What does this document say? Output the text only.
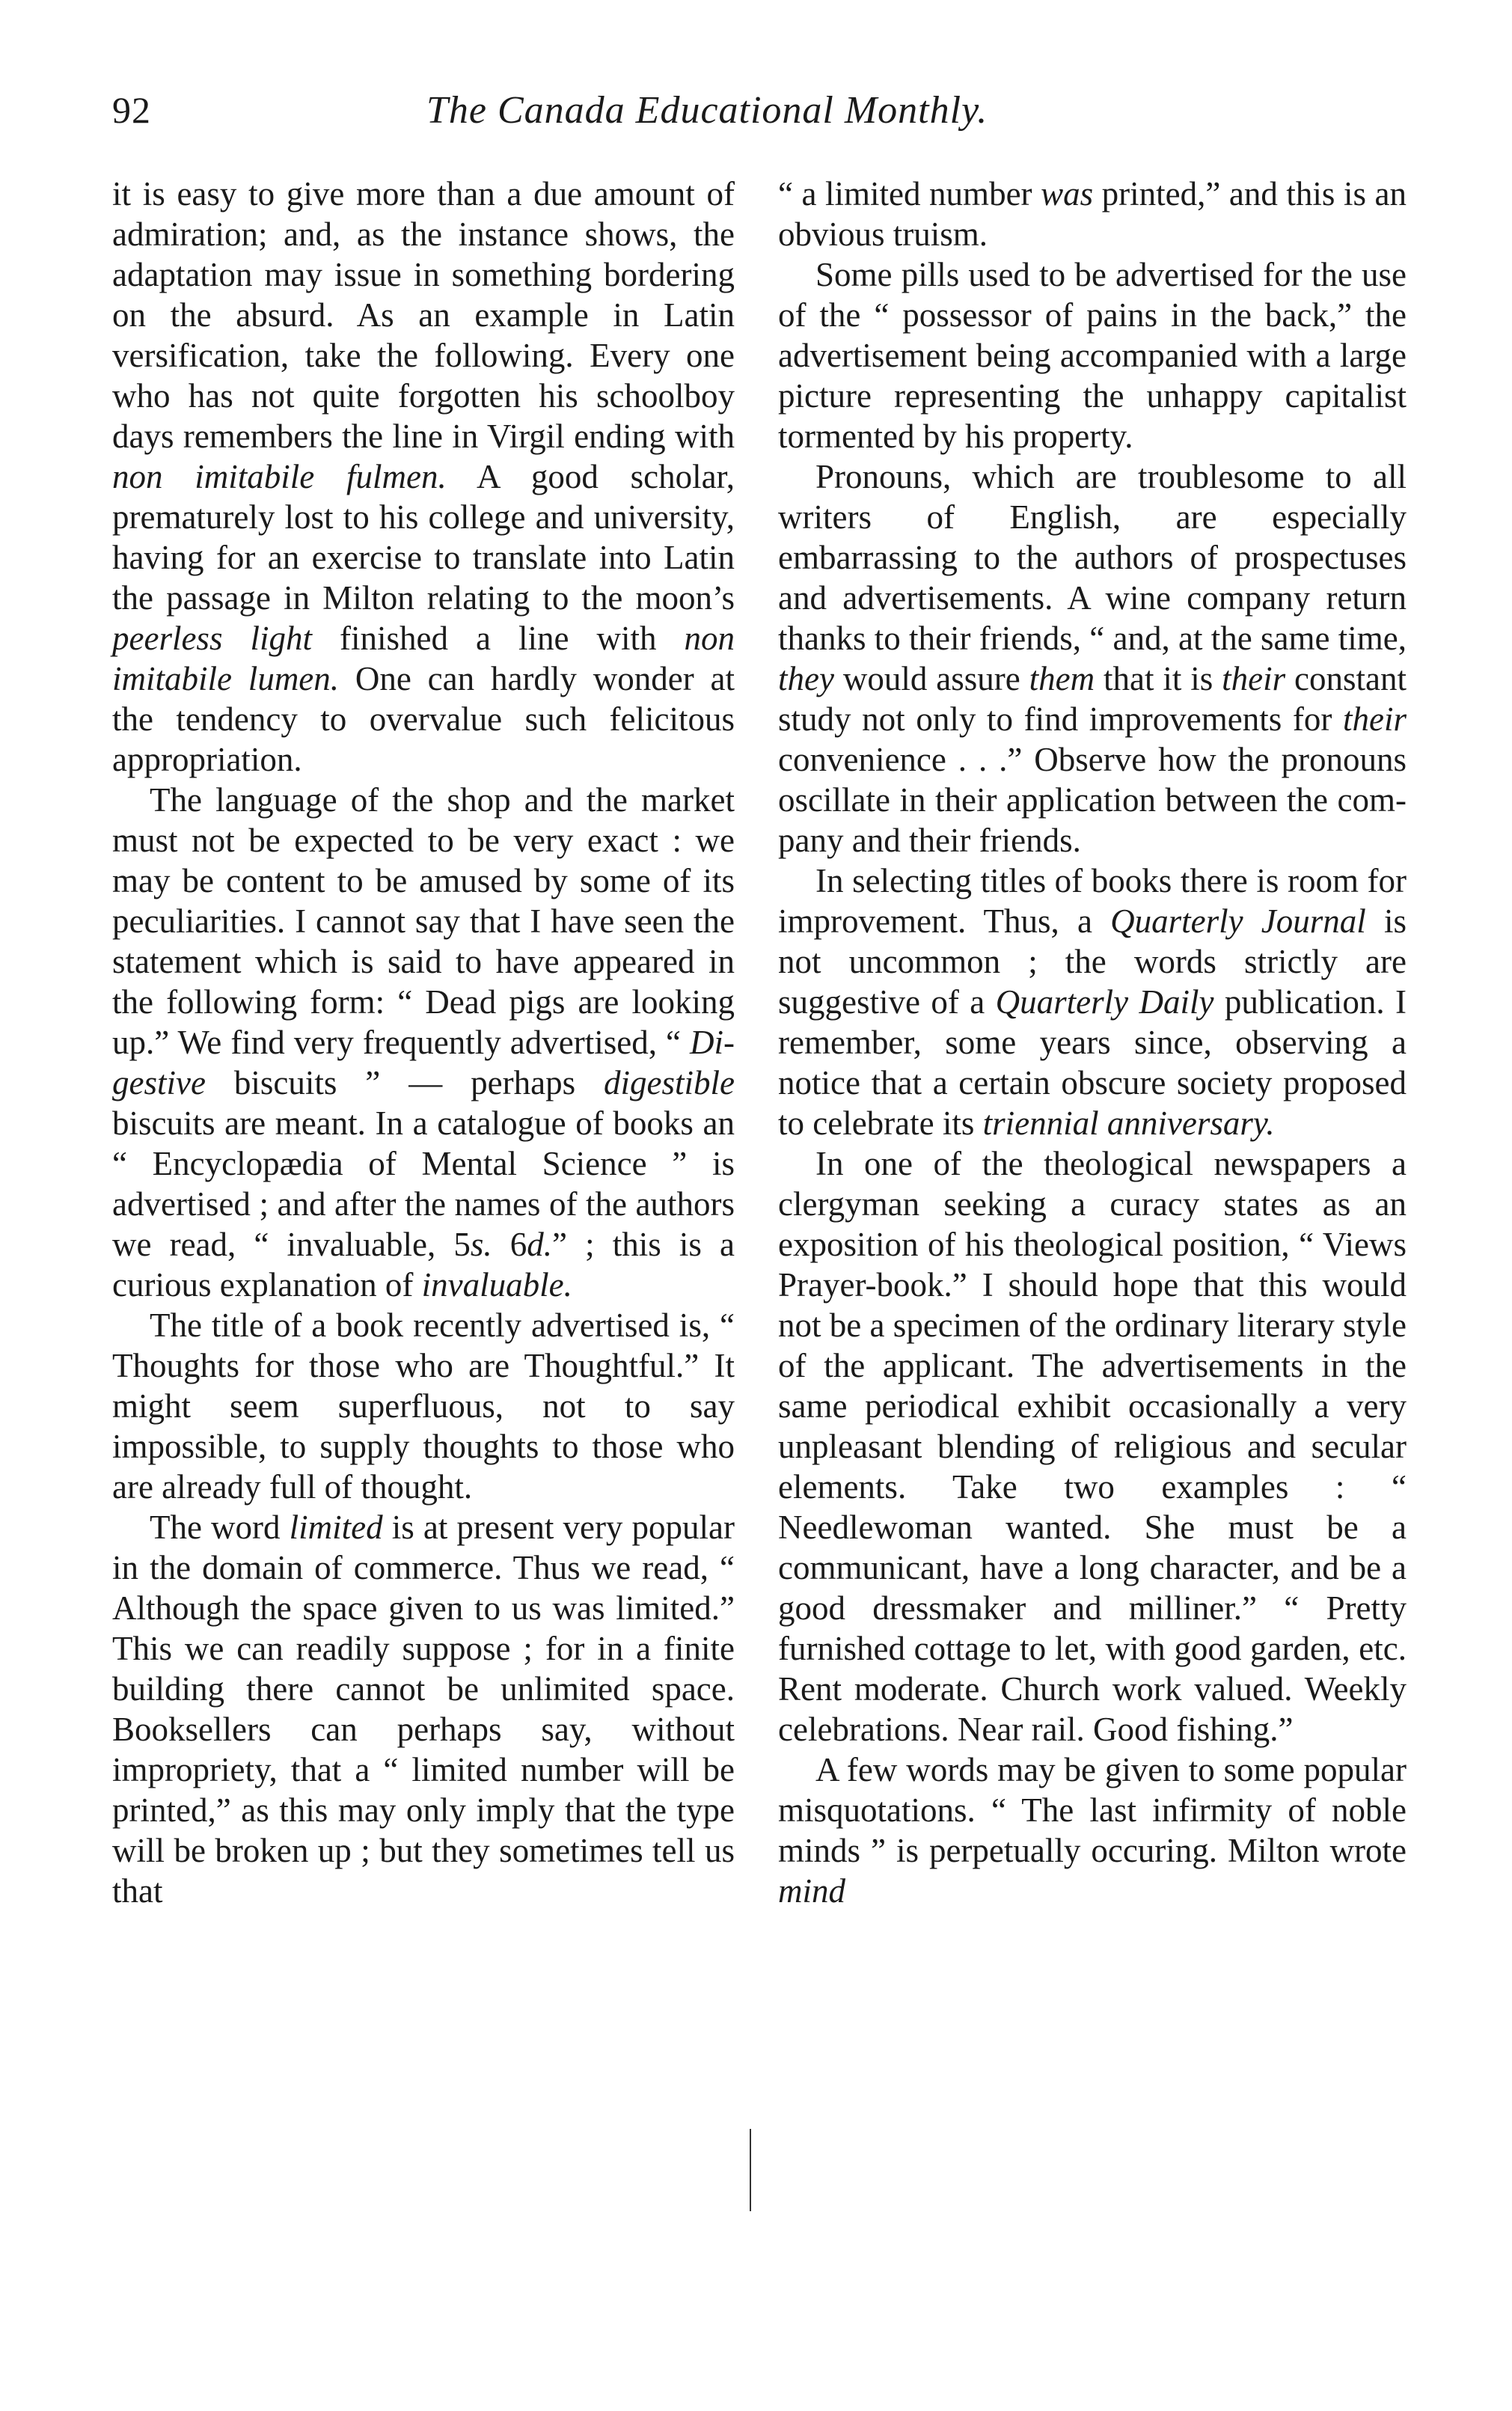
92	The Canada Educational Monthly.

it is easy to give more than a due amount of admiration; and, as the instance shows, the adaptation may issue in something bordering on the absurd. As an example in Latin versification, take the following. Every one who has not quite forgotten his schoolboy days remembers the line in Virgil ending with non imitabile fulmen. A good scholar, prematurely lost to his college and university, having for an exercise to translate into Latin the passage in Milton relating to the moon’s peerless light finished a line with non imitabile lumen. One can hardly wonder at the tendency to overvalue such felicitous appropriation.

The language of the shop and the market must not be expected to be very exact : we may be content to be amused by some of its peculiarities. I cannot say that I have seen the statement which is said to have appeared in the following form: “ Dead pigs are looking up.” We find very frequently advertised, “ Digestive biscuits ” — perhaps digestible biscuits are meant. In a catalogue of books an “ Encyclopædia of Mental Science ” is advertised ; and after the names of the authors we read, “ invaluable, 5s. 6d.” ; this is a curious explanation of invaluable.

The title of a book recently advertised is, “ Thoughts for those who are Thoughtful.” It might seem superfluous, not to say impossible, to supply thoughts to those who are already full of thought.

The word limited is at present very popular in the domain of commerce. Thus we read, “ Although the space given to us was limited.” This we can readily suppose ; for in a finite building there cannot be unlimited space. Booksellers can perhaps say, without impropriety, that a “ limited number will be printed,” as this may only imply that the type will be broken up ; but they sometimes tell us that

“ a limited number was printed,” and this is an obvious truism.

Some pills used to be advertised for the use of the “ possessor of pains in the back,” the advertisement being accompanied with a large picture representing the unhappy capitalist tormented by his property.

Pronouns, which are troublesome to all writers of English, are especially embarrassing to the authors of prospectuses and advertisements. A wine company return thanks to their friends, “ and, at the same time, they would assure them that it is their constant study not only to find improvements for their convenience . . .” Observe how the pronouns oscillate in their application between the company and their friends.

In selecting titles of books there is room for improvement. Thus, a Quarterly Journal is not uncommon ; the words strictly are suggestive of a Quarterly Daily publication. I remember, some years since, observing a notice that a certain obscure society proposed to celebrate its triennial anniversary.

In one of the theological newspapers a clergyman seeking a curacy states as an exposition of his theological position, “ Views Prayer-book.” I should hope that this would not be a specimen of the ordinary literary style of the applicant. The advertisements in the same periodical exhibit occasionally a very unpleasant blending of religious and secular elements. Take two examples : “ Needlewoman wanted. She must be a communicant, have a long character, and be a good dressmaker and milliner.” “ Pretty furnished cottage to let, with good garden, etc. Rent moderate. Church work valued. Weekly celebrations. Near rail. Good fishing.”

A few words may be given to some popular misquotations. “ The last infirmity of noble minds ” is perpetually occuring. Milton wrote mind
